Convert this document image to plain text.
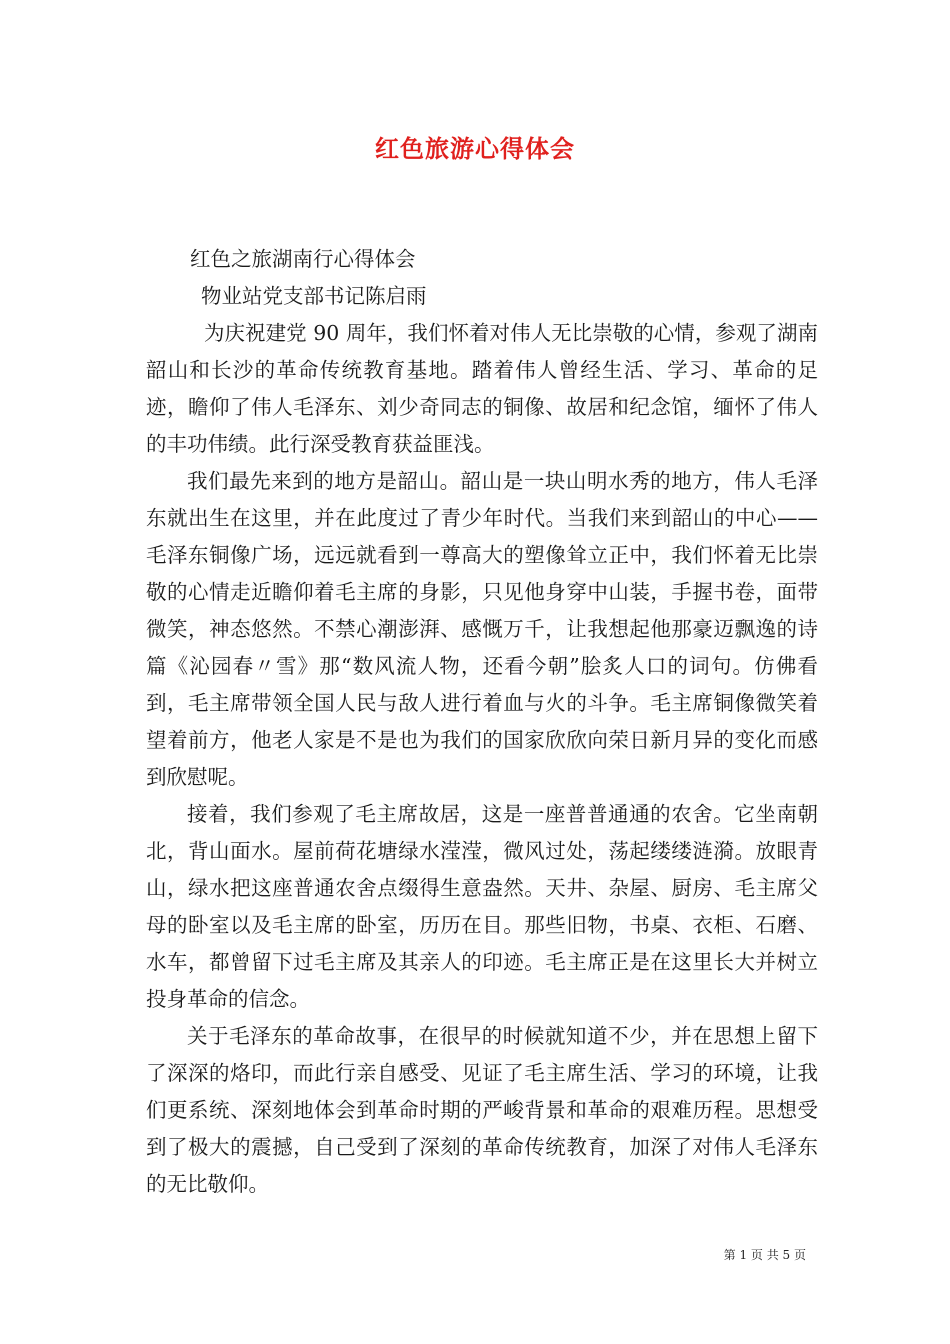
红色旅游心得体会

红色之旅湖南行心得体会

物业站党支部书记陈启雨

为庆祝建党 90 周年，我们怀着对伟人无比崇敬的心情，参观了湖南韶山和长沙的革命传统教育基地。踏着伟人曾经生活、学习、革命的足迹，瞻仰了伟人毛泽东、刘少奇同志的铜像、故居和纪念馆，缅怀了伟人的丰功伟绩。此行深受教育获益匪浅。

我们最先来到的地方是韶山。韶山是一块山明水秀的地方，伟人毛泽东就出生在这里，并在此度过了青少年时代。当我们来到韶山的中心——毛泽东铜像广场，远远就看到一尊高大的塑像耸立正中，我们怀着无比崇敬的心情走近瞻仰着毛主席的身影，只见他身穿中山装，手握书卷，面带微笑，神态悠然。不禁心潮澎湃、感慨万千，让我想起他那豪迈飘逸的诗篇《沁园春〃雪》那“数风流人物，还看今朝”脍炙人口的词句。仿佛看到，毛主席带领全国人民与敌人进行着血与火的斗争。毛主席铜像微笑着望着前方，他老人家是不是也为我们的国家欣欣向荣日新月异的变化而感到欣慰呢。

接着，我们参观了毛主席故居，这是一座普普通通的农舍。它坐南朝北，背山面水。屋前荷花塘绿水滢滢，微风过处，荡起缕缕涟漪。放眼青山，绿水把这座普通农舍点缀得生意盎然。天井、杂屋、厨房、毛主席父母的卧室以及毛主席的卧室，历历在目。那些旧物，书桌、衣柜、石磨、水车，都曾留下过毛主席及其亲人的印迹。毛主席正是在这里长大并树立投身革命的信念。

关于毛泽东的革命故事，在很早的时候就知道不少，并在思想上留下了深深的烙印，而此行亲自感受、见证了毛主席生活、学习的环境，让我们更系统、深刻地体会到革命时期的严峻背景和革命的艰难历程。思想受到了极大的震撼，自己受到了深刻的革命传统教育，加深了对伟人毛泽东的无比敬仰。

第 1 页 共 5 页
